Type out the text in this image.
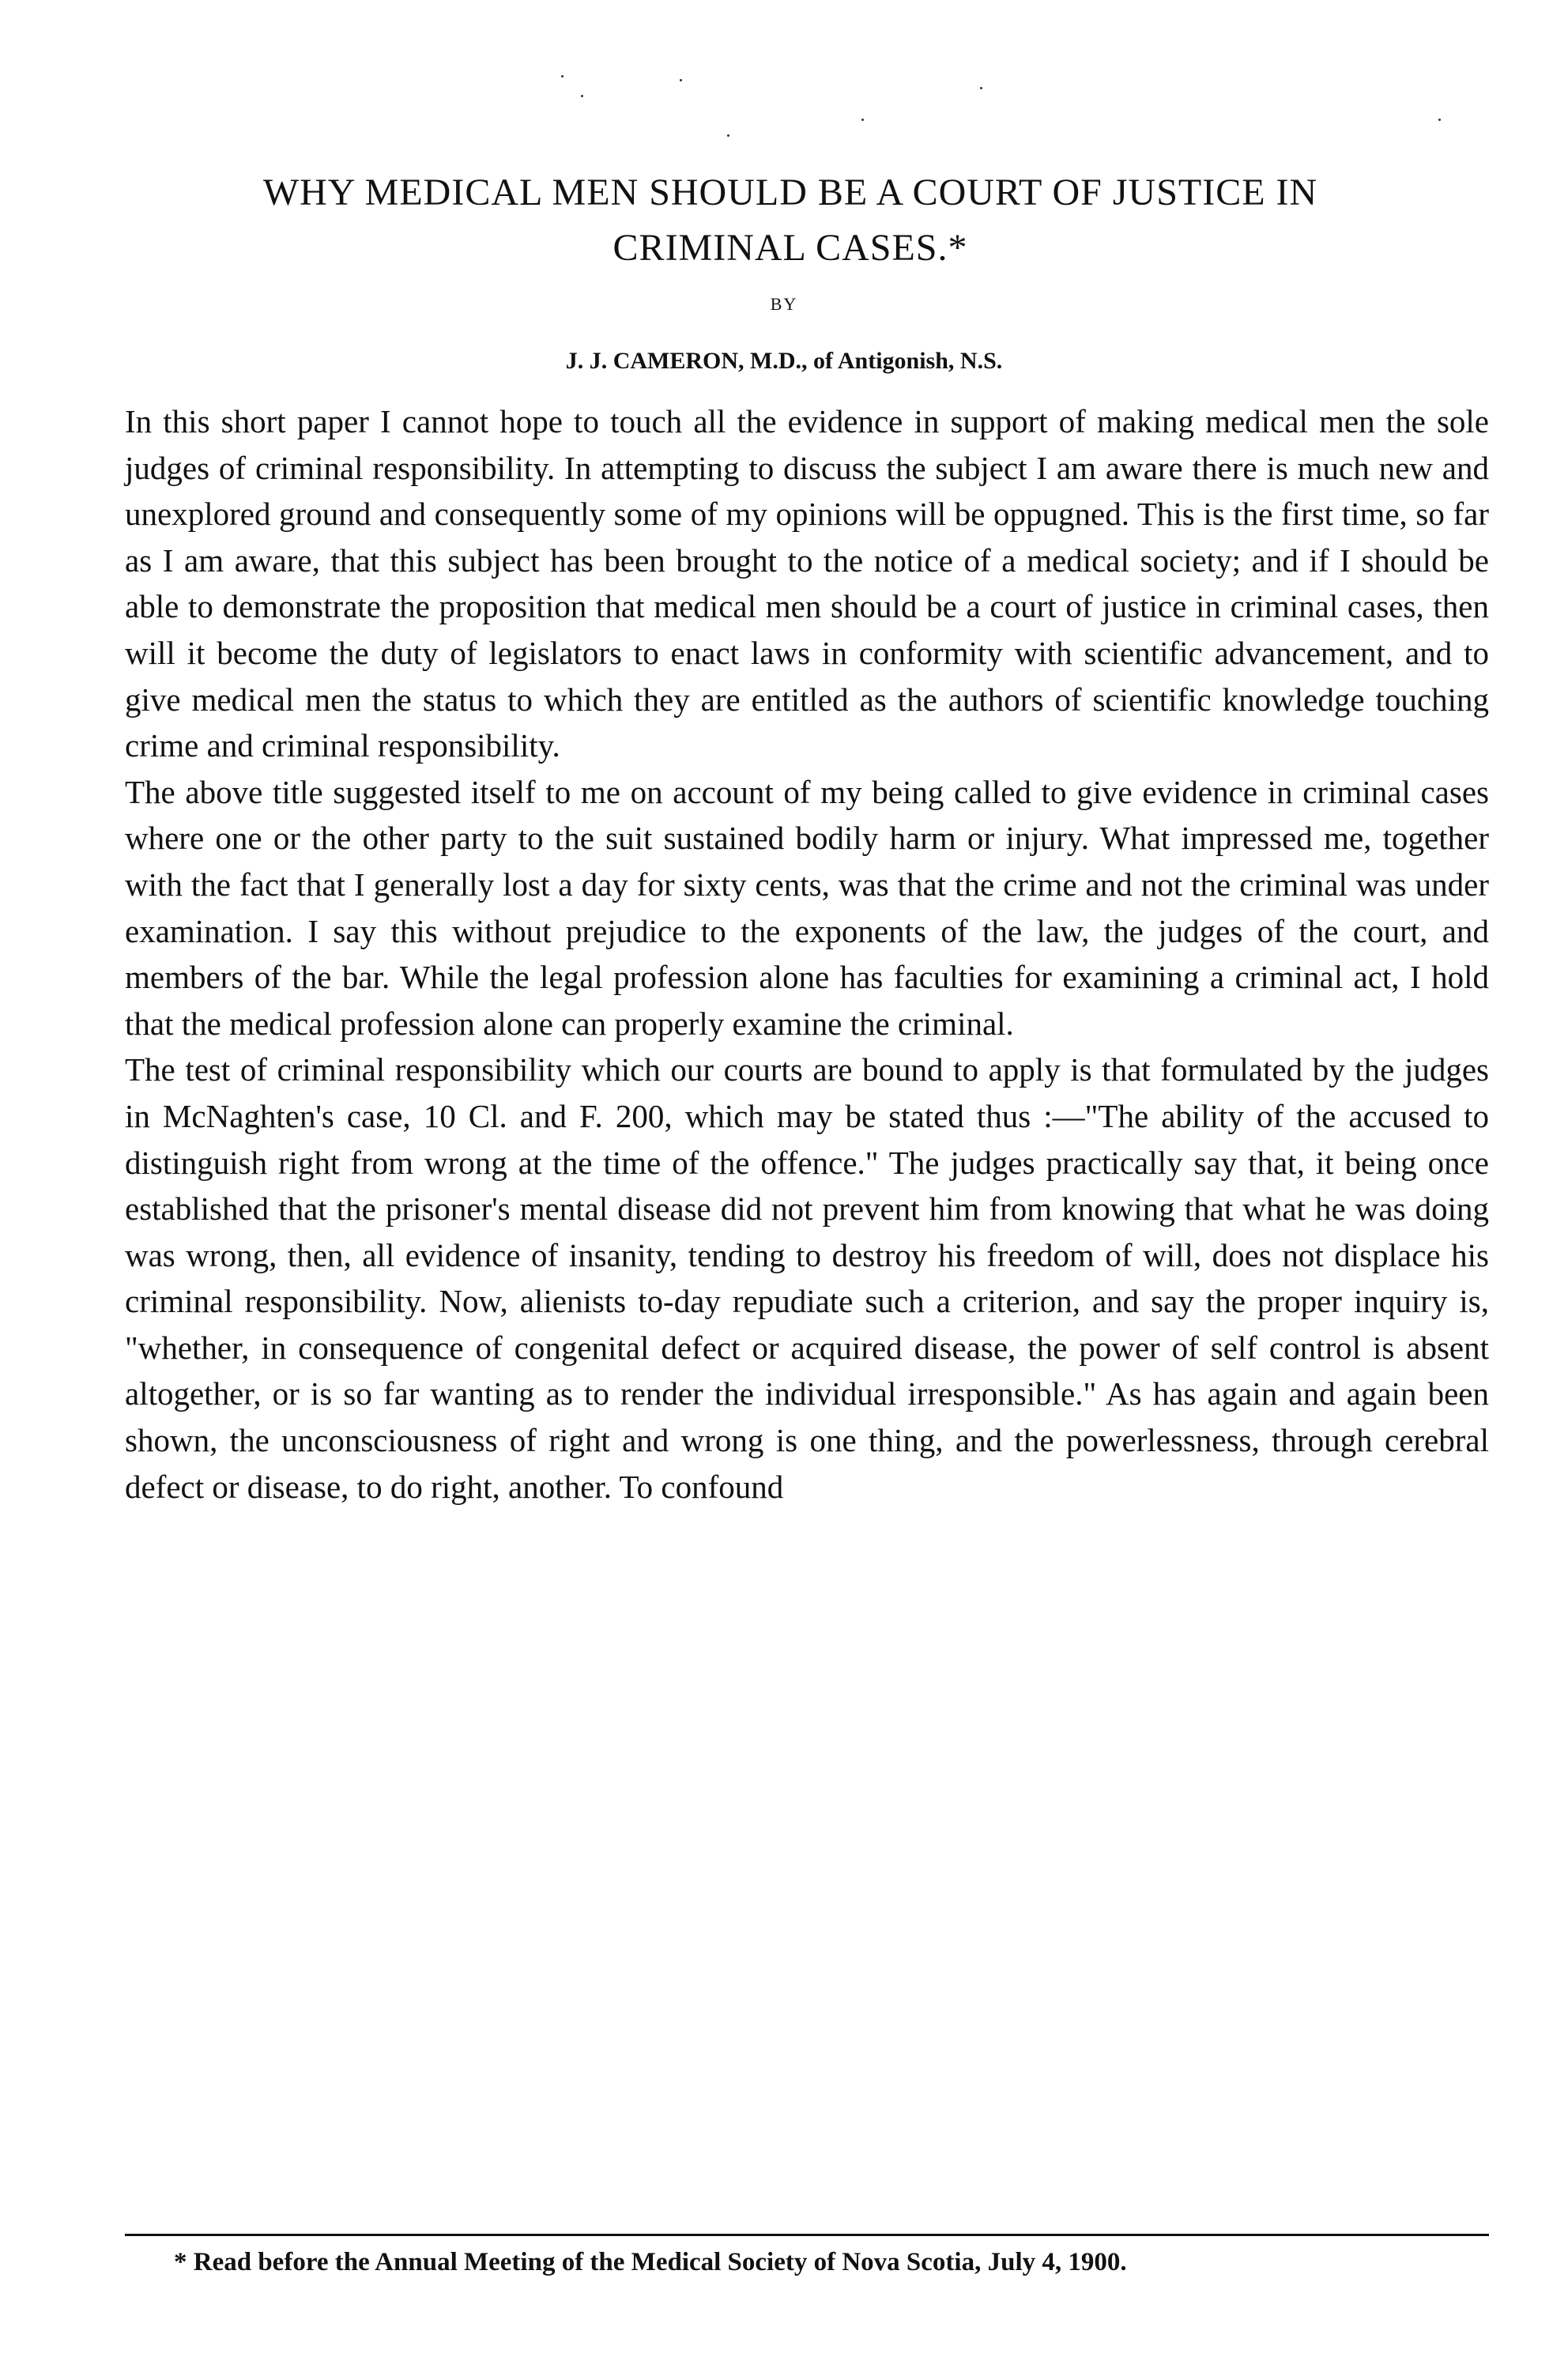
WHY MEDICAL MEN SHOULD BE A COURT OF JUSTICE IN
CRIMINAL CASES.*
BY
J. J. CAMERON, M.D., of Antigonish, N.S.

In this short paper I cannot hope to touch all the evidence in support of making medical men the sole judges of criminal responsibility. In attempting to discuss the subject I am aware there is much new and unexplored ground and consequently some of my opinions will be oppugned. This is the first time, so far as I am aware, that this subject has been brought to the notice of a medical society; and if I should be able to demonstrate the proposition that medical men should be a court of justice in criminal cases, then will it become the duty of legislators to enact laws in conformity with scientific advancement, and to give medical men the status to which they are entitled as the authors of scientific knowledge touching crime and criminal responsibility.

The above title suggested itself to me on account of my being called to give evidence in criminal cases where one or the other party to the suit sustained bodily harm or injury. What impressed me, together with the fact that I generally lost a day for sixty cents, was that the crime and not the criminal was under examination. I say this without prejudice to the exponents of the law, the judges of the court, and members of the bar. While the legal profession alone has faculties for examining a criminal act, I hold that the medical profession alone can properly examine the criminal.

The test of criminal responsibility which our courts are bound to apply is that formulated by the judges in McNaghten's case, 10 Cl. and F. 200, which may be stated thus :—"The ability of the accused to distinguish right from wrong at the time of the offence." The judges practically say that, it being once established that the prisoner's mental disease did not prevent him from knowing that what he was doing was wrong, then, all evidence of insanity, tending to destroy his freedom of will, does not displace his criminal responsibility. Now, alienists to-day repudiate such a criterion, and say the proper inquiry is, "whether, in consequence of congenital defect or acquired disease, the power of self control is absent altogether, or is so far wanting as to render the individual irresponsible." As has again and again been shown, the unconsciousness of right and wrong is one thing, and the powerlessness, through cerebral defect or disease, to do right, another. To confound

* Read before the Annual Meeting of the Medical Society of Nova Scotia, July 4, 1900.
